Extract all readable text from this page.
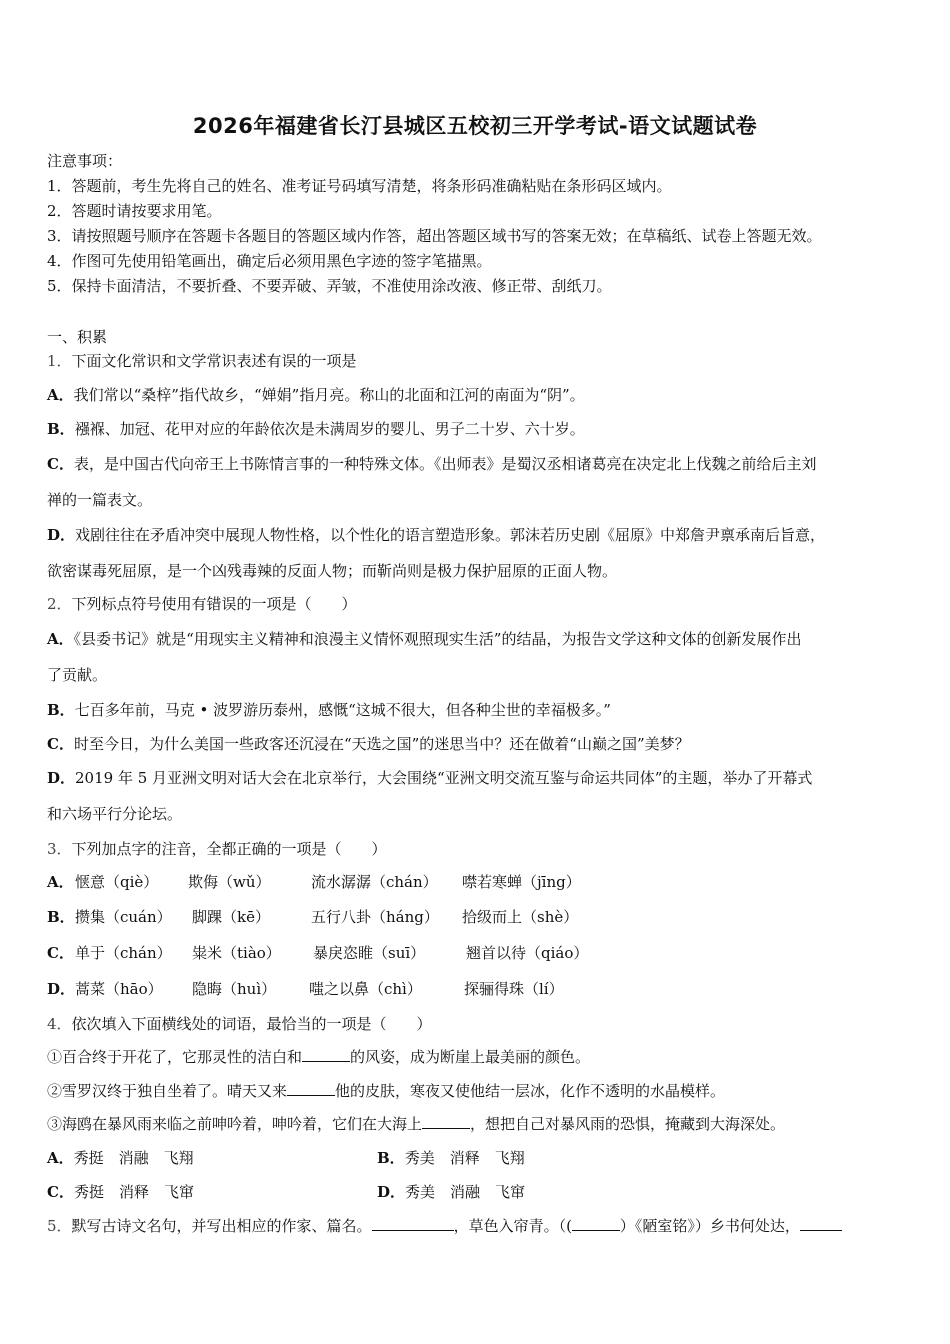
2026年福建省长汀县城区五校初三开学考试-语文试题试卷
注意事项：
1．答题前，考生先将自己的姓名、准考证号码填写清楚，将条形码准确粘贴在条形码区域内。
2．答题时请按要求用笔。
3．请按照题号顺序在答题卡各题目的答题区域内作答，超出答题区域书写的答案无效；在草稿纸、试卷上答题无效。
4．作图可先使用铅笔画出，确定后必须用黑色字迹的签字笔描黑。
5．保持卡面清洁，不要折叠、不要弄破、弄皱，不准使用涂改液、修正带、刮纸刀。
一、积累
1．下面文化常识和文学常识表述有误的一项是
A．我们常以“桑梓”指代故乡，“婵娟”指月亮。称山的北面和江河的南面为“阴”。
B．襁褓、加冠、花甲对应的年龄依次是未满周岁的婴儿、男子二十岁、六十岁。
C．表，是中国古代向帝王上书陈情言事的一种特殊文体。《出师表》是蜀汉丞相诸葛亮在决定北上伐魏之前给后主刘
禅的一篇表文。
D．戏剧往往在矛盾冲突中展现人物性格，以个性化的语言塑造形象。郭沫若历史剧《屈原》中郑詹尹禀承南后旨意，
欲密谋毒死屈原，是一个凶残毒辣的反面人物；而靳尚则是极力保护屈原的正面人物。
2．下列标点符号使用有错误的一项是（　　）
A．《县委书记》就是“用现实主义精神和浪漫主义情怀观照现实生活”的结晶，为报告文学这种文体的创新发展作出
了贡献。
B．七百多年前，马克 • 波罗游历泰州，感慨“这城不很大，但各种尘世的幸福极多。”
C．时至今日，为什么美国一些政客还沉浸在“天选之国”的迷思当中？还在做着“山巅之国”美梦？
D．2019 年 5 月亚洲文明对话大会在北京举行，大会围绕“亚洲文明交流互鉴与命运共同体”的主题，举办了开幕式
和六场平行分论坛。
3．下列加点字的注音，全都正确的一项是（　　）
A． 惬意（qiè） 欺侮（wǔ）	流水潺潺（chán） 噤若寒蝉（jīng）
B． 攒集（cuán） 脚踝（kē）	五行八卦（háng） 拾级而上（shè）
C． 单于（chán） 粜米（tiào） 暴戾恣睢（suī）	翘首以待（qiáo）
D． 蒿菜（hāo） 隐晦（huì） 嗤之以鼻（chì）	探骊得珠（lí）
4．依次填入下面横线处的词语，最恰当的一项是（　　）
①百合终于开花了，它那灵性的洁白和	的风姿，成为断崖上最美丽的颜色。
②雪罗汉终于独自坐着了。晴天又来	他的皮肤，寒夜又使他结一层冰，化作不透明的水晶模样。
③海鸥在暴风雨来临之前呻吟着，呻吟着，它们在大海上	，想把自己对暴风雨的恐惧，掩藏到大海深处。
A．秀挺　消融　飞翔	B．秀美　消释　飞翔
C．秀挺　消释　飞窜	D．秀美　消融　飞窜
5．默写古诗文名句，并写出相应的作家、篇名。	，草色入帘青。（(	）《陋室铭》）乡书何处达，
